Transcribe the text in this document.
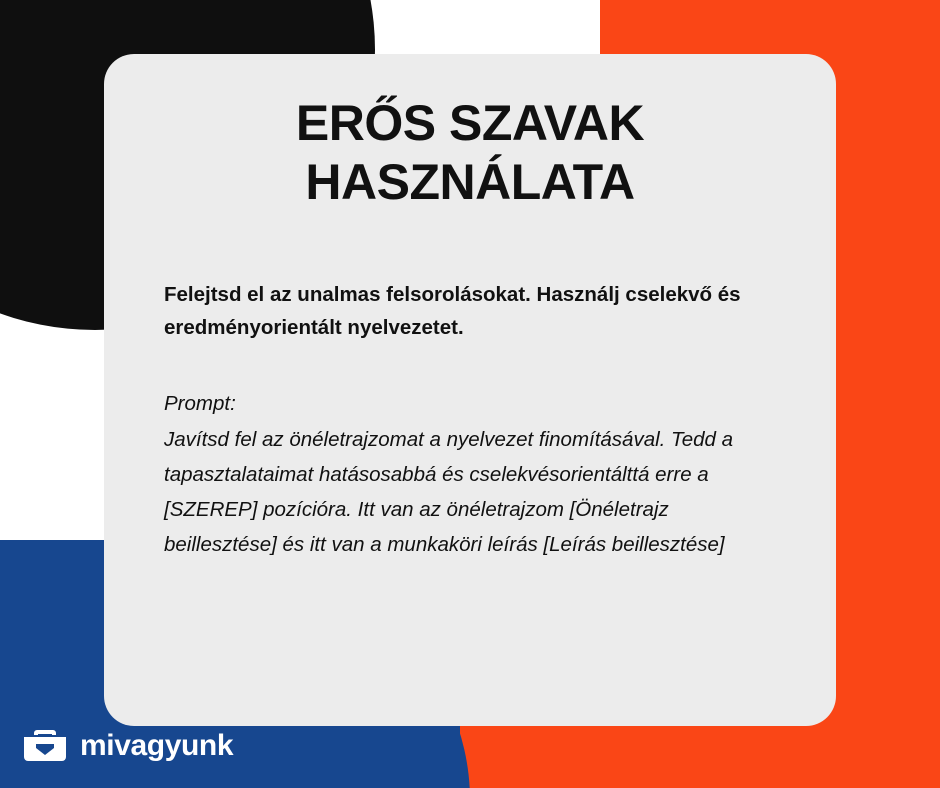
ERŐS SZAVAK HASZNÁLATA

Felejtsd el az unalmas felsorolásokat. Használj cselekvő és eredményorientált nyelvezetet.

Prompt:
Javítsd fel az önéletrajzomat a nyelvezet finomításával. Tedd a tapasztalataimat hatásosabbá és cselekvésorientálttá erre a [SZEREP] pozícióra. Itt van az önéletrajzom [Önéletrajz beillesztése] és itt van a munkaköri leírás [Leírás beillesztése]
mivagyunk
